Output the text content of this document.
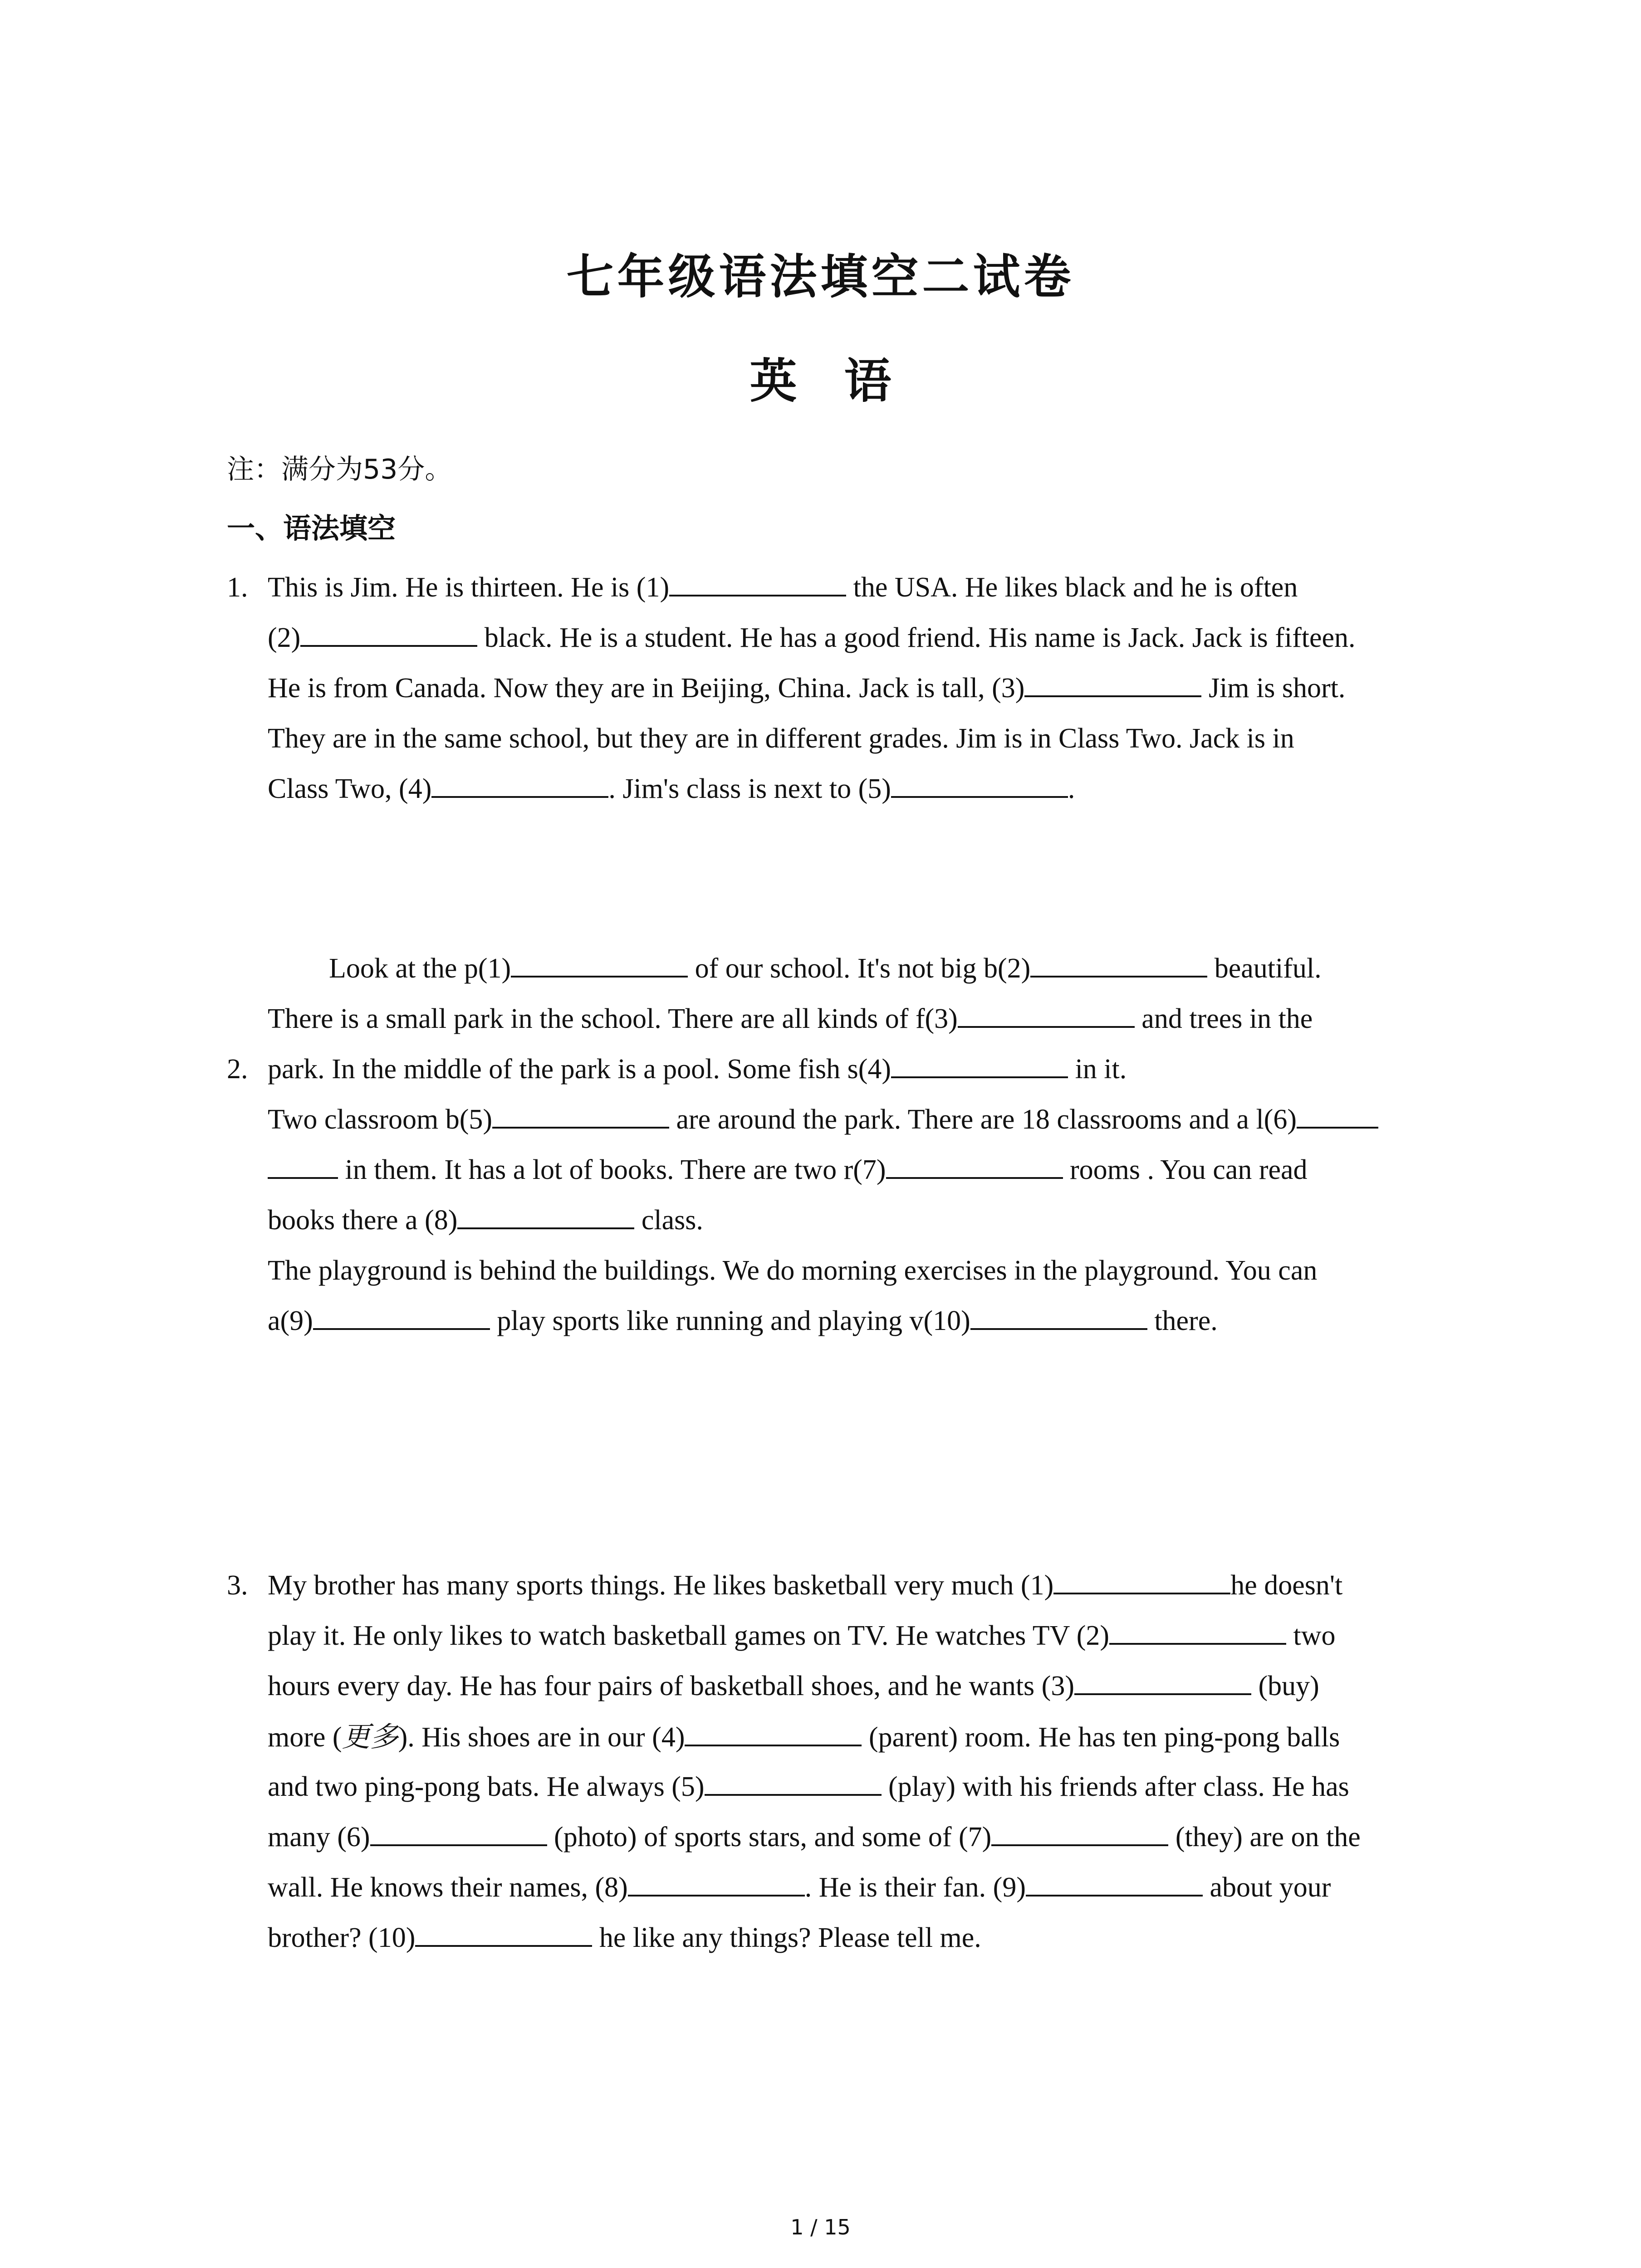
七年级语法填空二试卷
英语
注：满分为53分。
一、语法填空
1. This is Jim. He is thirteen. He is (1)	the USA. He likes black and he is often
(2)	black. He is a student. He has a good friend. His name is Jack. Jack is fifteen.
He is from Canada. Now they are in Beijing, China. Jack is tall, (3)	Jim is short.
They are in the same school, but they are in different grades. Jim is in Class Two. Jack is in
Class Two, (4)	. Jim's class is next to (5)	.
2.
Look at the p(1)	of our school. It's not big b(2)	beautiful.
There is a small park in the school. There are all kinds of f(3)	and trees in the
park. In the middle of the park is a pool. Some fish s(4)	in it.
Two classroom b(5)	are around the park. There are 18 classrooms and a l(6)
in them. It has a lot of books. There are two r(7)	rooms . You can read
books there a (8)	class.
The playground is behind the buildings. We do morning exercises in the playground. You can
a(9)	play sports like running and playing v(10)	there.
3. My brother has many sports things. He likes basketball very much (1)	he doesn't
play it. He only likes to watch basketball games on TV. He watches TV (2)	two
hours every day. He has four pairs of basketball shoes, and he wants (3)	(buy)
more (更多). His shoes are in our (4)	(parent) room. He has ten ping-pong balls
and two ping-pong bats. He always (5)	(play) with his friends after class. He has
many (6)	(photo) of sports stars, and some of (7)	(they) are on the
wall. He knows their names, (8)	. He is their fan. (9)	about your
brother? (10)	he like any things? Please tell me.
1 / 15
